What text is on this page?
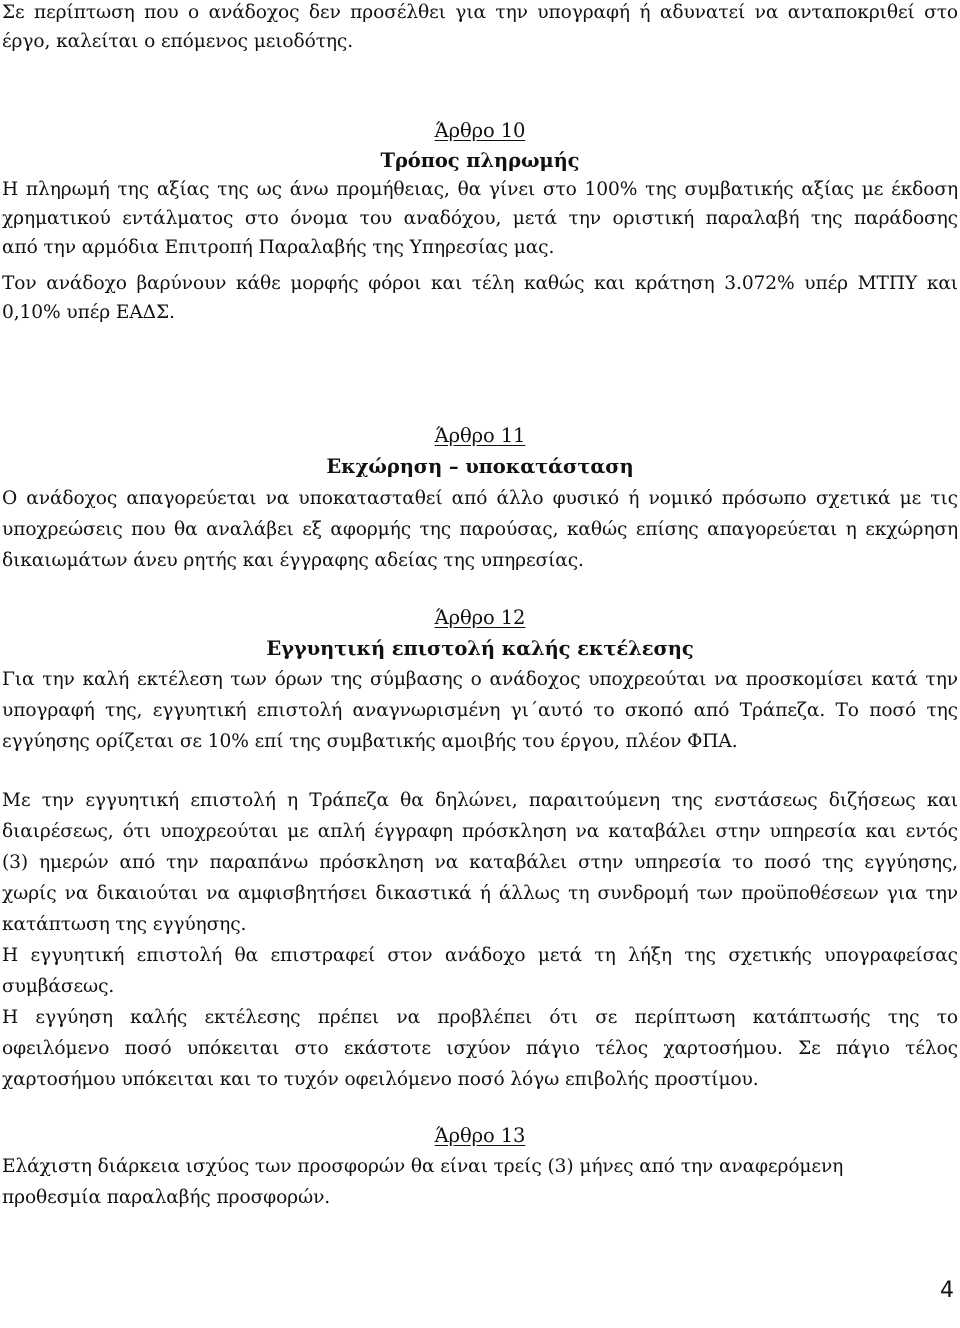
Σε περίπτωση που ο ανάδοχος δεν προσέλθει για την υπογραφή ή αδυνατεί να ανταποκριθεί στο
έργο, καλείται ο επόμενος μειοδότης.
Άρθρο 10
Τρόπος πληρωμής
Η πληρωμή της αξίας της ως άνω προμήθειας, θα γίνει στο 100% της συμβατικής αξίας με έκδοση
χρηματικού εντάλματος στο όνομα του αναδόχου, μετά την οριστική παραλαβή της παράδοσης
από την αρμόδια Επιτροπή Παραλαβής της Υπηρεσίας μας.
Τον ανάδοχο βαρύνουν κάθε μορφής φόροι και τέλη καθώς και κράτηση 3.072% υπέρ ΜΤΠΥ και
0,10% υπέρ ΕΑΔΣ.
Άρθρο 11
Εκχώρηση – υποκατάσταση
Ο ανάδοχος απαγορεύεται να υποκατασταθεί από άλλο φυσικό ή νομικό πρόσωπο σχετικά με τις
υποχρεώσεις που θα αναλάβει εξ αφορμής της παρούσας, καθώς επίσης απαγορεύεται η εκχώρηση
δικαιωμάτων άνευ ρητής και έγγραφης αδείας της υπηρεσίας.
Άρθρο 12
Εγγυητική επιστολή καλής εκτέλεσης
Για την καλή εκτέλεση των όρων της σύμβασης ο ανάδοχος υποχρεούται να προσκομίσει κατά την
υπογραφή της, εγγυητική επιστολή αναγνωρισμένη γι΄αυτό το σκοπό από Τράπεζα. Το ποσό της
εγγύησης ορίζεται σε 10% επί της συμβατικής αμοιβής του έργου, πλέον ΦΠΑ.
Με την εγγυητική επιστολή η Τράπεζα θα δηλώνει, παραιτούμενη της ενστάσεως διζήσεως και
διαιρέσεως, ότι υποχρεούται με απλή έγγραφη πρόσκληση να καταβάλει στην υπηρεσία και εντός
(3) ημερών από την παραπάνω πρόσκληση να καταβάλει στην υπηρεσία το ποσό της εγγύησης,
χωρίς να δικαιούται να αμφισβητήσει δικαστικά ή άλλως τη συνδρομή των προϋποθέσεων για την
κατάπτωση της εγγύησης.
Η εγγυητική επιστολή θα επιστραφεί στον ανάδοχο μετά τη λήξη της σχετικής υπογραφείσας
συμβάσεως.
Η εγγύηση καλής εκτέλεσης πρέπει να προβλέπει ότι σε περίπτωση κατάπτωσής της το
οφειλόμενο ποσό υπόκειται στο εκάστοτε ισχύον πάγιο τέλος χαρτοσήμου. Σε πάγιο τέλος
χαρτοσήμου υπόκειται και το τυχόν οφειλόμενο ποσό λόγω επιβολής προστίμου.
Άρθρο 13
Ελάχιστη διάρκεια ισχύος των προσφορών θα είναι τρείς (3) μήνες από την αναφερόμενη
προθεσμία παραλαβής προσφορών.
4
